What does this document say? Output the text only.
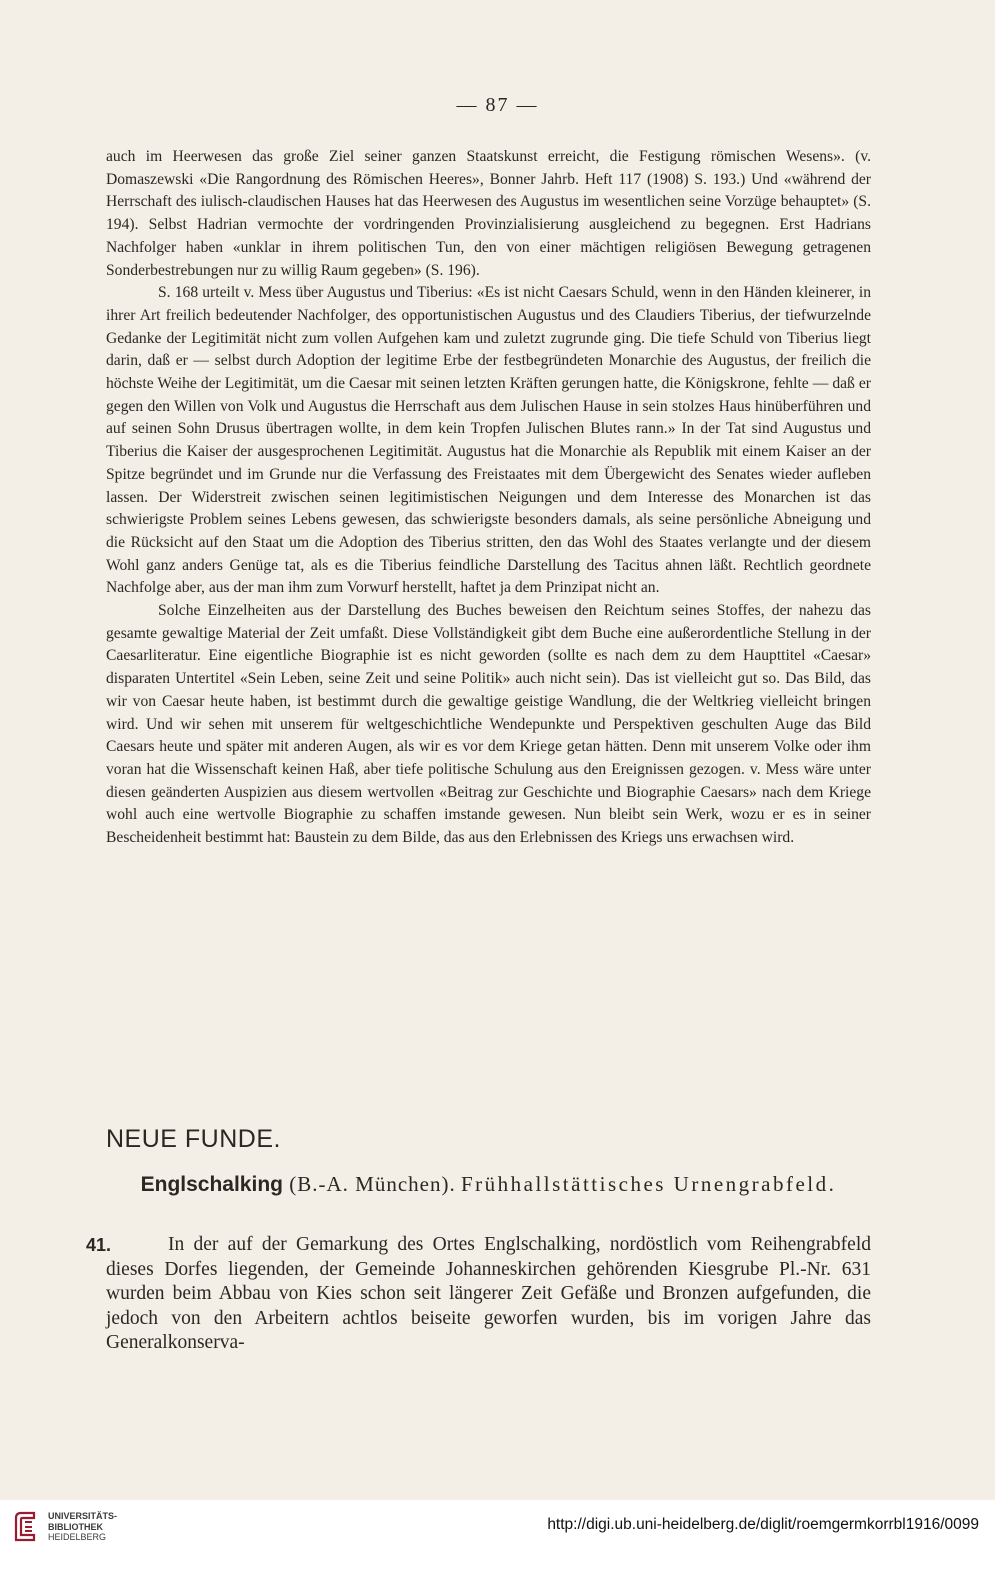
— 87 —

auch im Heerwesen das große Ziel seiner ganzen Staatskunst erreicht, die Festigung römischen Wesens». (v. Domaszewski «Die Rangordnung des Römischen Heeres», Bonner Jahrb. Heft 117 (1908) S. 193.) Und «während der Herrschaft des iulisch-claudischen Hauses hat das Heerwesen des Augustus im wesentlichen seine Vorzüge behauptet» (S. 194). Selbst Hadrian vermochte der vordringenden Provinzialisierung ausgleichend zu begegnen. Erst Hadrians Nachfolger haben «unklar in ihrem politischen Tun, den von einer mächtigen religiösen Bewegung getragenen Sonderbestrebungen nur zu willig Raum gegeben» (S. 196).

S. 168 urteilt v. Mess über Augustus und Tiberius: «Es ist nicht Caesars Schuld, wenn in den Händen kleinerer, in ihrer Art freilich bedeutender Nachfolger, des opportunistischen Augustus und des Claudiers Tiberius, der tiefwurzelnde Gedanke der Legitimität nicht zum vollen Aufgehen kam und zuletzt zugrunde ging. Die tiefe Schuld von Tiberius liegt darin, daß er — selbst durch Adoption der legitime Erbe der festbegründeten Monarchie des Augustus, der freilich die höchste Weihe der Legitimität, um die Caesar mit seinen letzten Kräften gerungen hatte, die Königskrone, fehlte — daß er gegen den Willen von Volk und Augustus die Herrschaft aus dem Julischen Hause in sein stolzes Haus hinüberführen und auf seinen Sohn Drusus übertragen wollte, in dem kein Tropfen Julischen Blutes rann.» In der Tat sind Augustus und Tiberius die Kaiser der ausgesprochenen Legitimität. Augustus hat die Monarchie als Republik mit einem Kaiser an der Spitze begründet und im Grunde nur die Verfassung des Freistaates mit dem Übergewicht des Senates wieder aufleben lassen. Der Widerstreit zwischen seinen legitimistischen Neigungen und dem Interesse des Monarchen ist das schwierigste Problem seines Lebens gewesen, das schwierigste besonders damals, als seine persönliche Abneigung und die Rücksicht auf den Staat um die Adoption des Tiberius stritten, den das Wohl des Staates verlangte und der diesem Wohl ganz anders Genüge tat, als es die Tiberius feindliche Darstellung des Tacitus ahnen läßt. Rechtlich geordnete Nachfolge aber, aus der man ihm zum Vorwurf herstellt, haftet ja dem Prinzipat nicht an.

Solche Einzelheiten aus der Darstellung des Buches beweisen den Reichtum seines Stoffes, der nahezu das gesamte gewaltige Material der Zeit umfaßt. Diese Vollständigkeit gibt dem Buche eine außerordentliche Stellung in der Caesarliteratur. Eine eigentliche Biographie ist es nicht geworden (sollte es nach dem zu dem Haupttitel «Caesar» disparaten Untertitel «Sein Leben, seine Zeit und seine Politik» auch nicht sein). Das ist vielleicht gut so. Das Bild, das wir von Caesar heute haben, ist bestimmt durch die gewaltige geistige Wandlung, die der Weltkrieg vielleicht bringen wird. Und wir sehen mit unserem für weltgeschichtliche Wendepunkte und Perspektiven geschulten Auge das Bild Caesars heute und später mit anderen Augen, als wir es vor dem Kriege getan hätten. Denn mit unserem Volke oder ihm voran hat die Wissenschaft keinen Haß, aber tiefe politische Schulung aus den Ereignissen gezogen. v. Mess wäre unter diesen geänderten Auspizien aus diesem wertvollen «Beitrag zur Geschichte und Biographie Caesars» nach dem Kriege wohl auch eine wertvolle Biographie zu schaffen imstande gewesen. Nun bleibt sein Werk, wozu er es in seiner Bescheidenheit bestimmt hat: Baustein zu dem Bilde, das aus den Erlebnissen des Kriegs uns erwachsen wird.

NEUE FUNDE.
Englschalking (B.-A. München). Frühhallstättisches Urnengrabfeld.
41.	In der auf der Gemarkung des Ortes Englschalking, nordöstlich vom Reihengrabfeld dieses Dorfes liegenden, der Gemeinde Johanneskirchen gehörenden Kiesgrube Pl.-Nr. 631 wurden beim Abbau von Kies schon seit längerer Zeit Gefäße und Bronzen aufgefunden, die jedoch von den Arbeitern achtlos beiseite geworfen wurden, bis im vorigen Jahre das Generalkonserva-

UNIVERSITÄTS-
BIBLIOTHEK
HEIDELBERG
http://digi.ub.uni-heidelberg.de/diglit/roemgermkorrbl1916/0099
